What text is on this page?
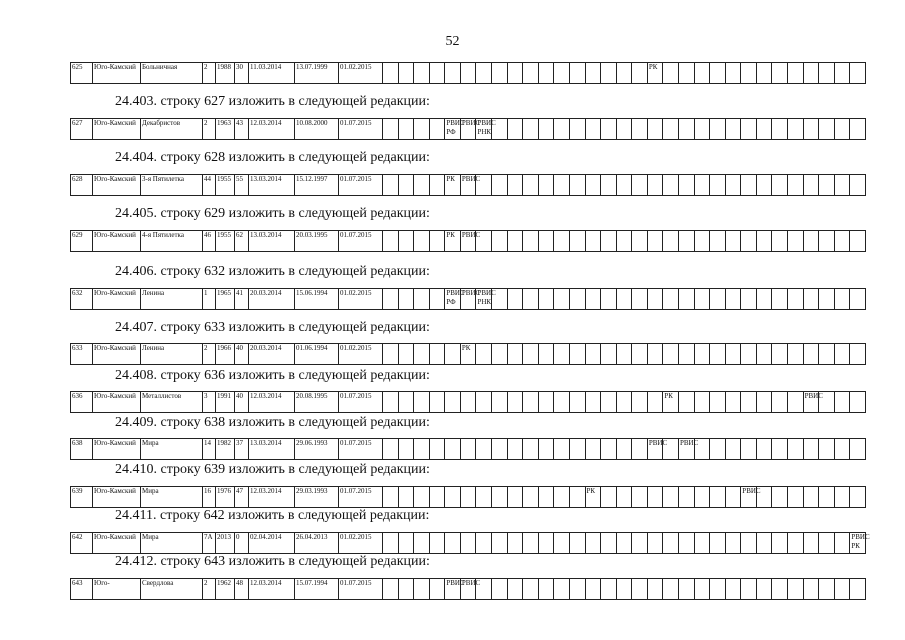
52
625	Юго-Камский	Больничная	2	1988	30	11.03.2014	13.07.1999	01.02.2015																		РК													
24.403. строку 627 изложить в следующей редакции:
627	Юго-Камский	Декабристов	2	1963	43	12.03.2014	10.08.2000	01.07.2015					РВИС РФ	РВИС	РВИС РНК																								
24.404. строку 628 изложить в следующей редакции:
628	Юго-Камский	3-я Пятилетка	44	1955	55	13.03.2014	15.12.1997	01.07.2015					РК	РВИС																									
24.405. строку 629 изложить в следующей редакции:
629	Юго-Камский	4-я Пятилетка	46	1955	62	13.03.2014	20.03.1995	01.07.2015					РК	РВИС																									
24.406. строку 632 изложить в следующей редакции:
632	Юго-Камский	Ленина	1	1965	41	20.03.2014	15.06.1994	01.02.2015					РВИС РФ	РВИС	РВИС РНК																								
24.407. строку 633 изложить в следующей редакции:
633	Юго-Камский	Ленина	2	1966	40	20.03.2014	01.06.1994	01.02.2015						РК																									
24.408. строку 636 изложить в следующей редакции:
636	Юго-Камский	Металлистов	3	1991	40	12.03.2014	20.08.1995	01.07.2015																			РК									РВИС			
24.409. строку 638 изложить в следующей редакции:
638	Юго-Камский	Мира	14	1982	37	13.03.2014	29.06.1993	01.07.2015																		РВИС		РВИС											
24.410. строку 639 изложить в следующей редакции:
639	Юго-Камский	Мира	16	1976	47	12.03.2014	29.03.1993	01.07.2015														РК										РВИС							
24.411. строку 642 изложить в следующей редакции:
642	Юго-Камский	Мира	7А	2013	0	02.04.2014	26.04.2013	01.02.2015																															РВИС РК
24.412. строку 643 изложить в следующей редакции:
643	Юго-	Свердлова	2	1962	48	12.03.2014	15.07.1994	01.07.2015					РВИС	РВИС																									
